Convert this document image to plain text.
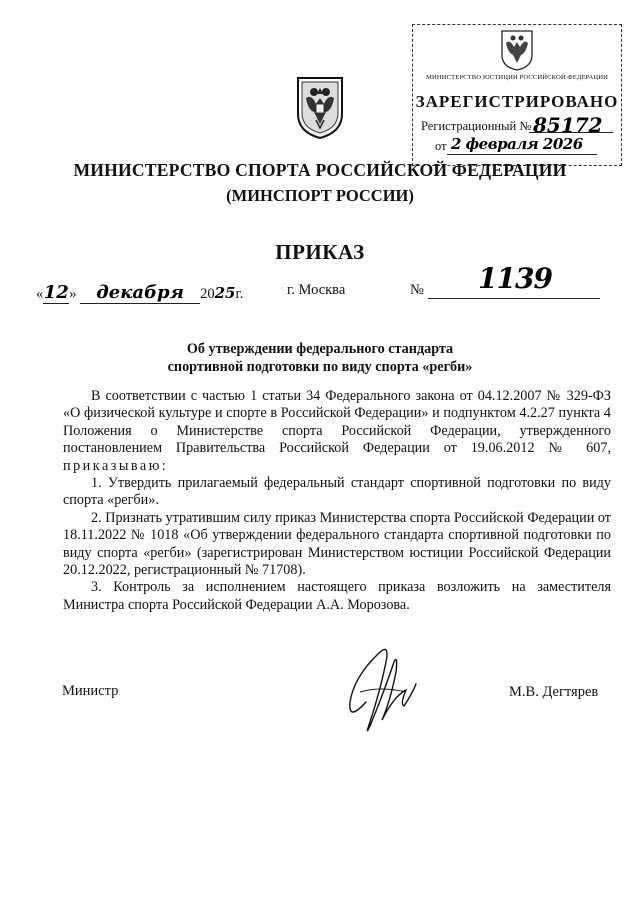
МИНИСТЕРСТВО ЮСТИЦИИ РОССИЙСКОЙ ФЕДЕРАЦИИ
ЗАРЕГИСТРИРОВАНО
Регистрационный № 85172
от 2 февраля 2026
МИНИСТЕРСТВО СПОРТА РОССИЙСКОЙ ФЕДЕРАЦИИ
(МИНСПОРТ РОССИИ)
ПРИКАЗ
«12» декабря 2025г.	г. Москва	№ 1139
Об утверждении федерального стандарта
спортивной подготовки по виду спорта «регби»

В соответствии с частью 1 статьи 34 Федерального закона от 04.12.2007 № 329-ФЗ «О физической культуре и спорте в Российской Федерации» и подпунктом 4.2.27 пункта 4 Положения о Министерстве спорта Российской Федерации, утвержденного постановлением Правительства Российской Федерации от 19.06.2012 № 607, приказываю:

1. Утвердить прилагаемый федеральный стандарт спортивной подготовки по виду спорта «регби».

2. Признать утратившим силу приказ Министерства спорта Российской Федерации от 18.11.2022 № 1018 «Об утверждении федерального стандарта спортивной подготовки по виду спорта «регби» (зарегистрирован Министерством юстиции Российской Федерации 20.12.2022, регистрационный № 71708).

3. Контроль за исполнением настоящего приказа возложить на заместителя Министра спорта Российской Федерации А.А. Морозова.

Министр	М.В. Дегтярев
